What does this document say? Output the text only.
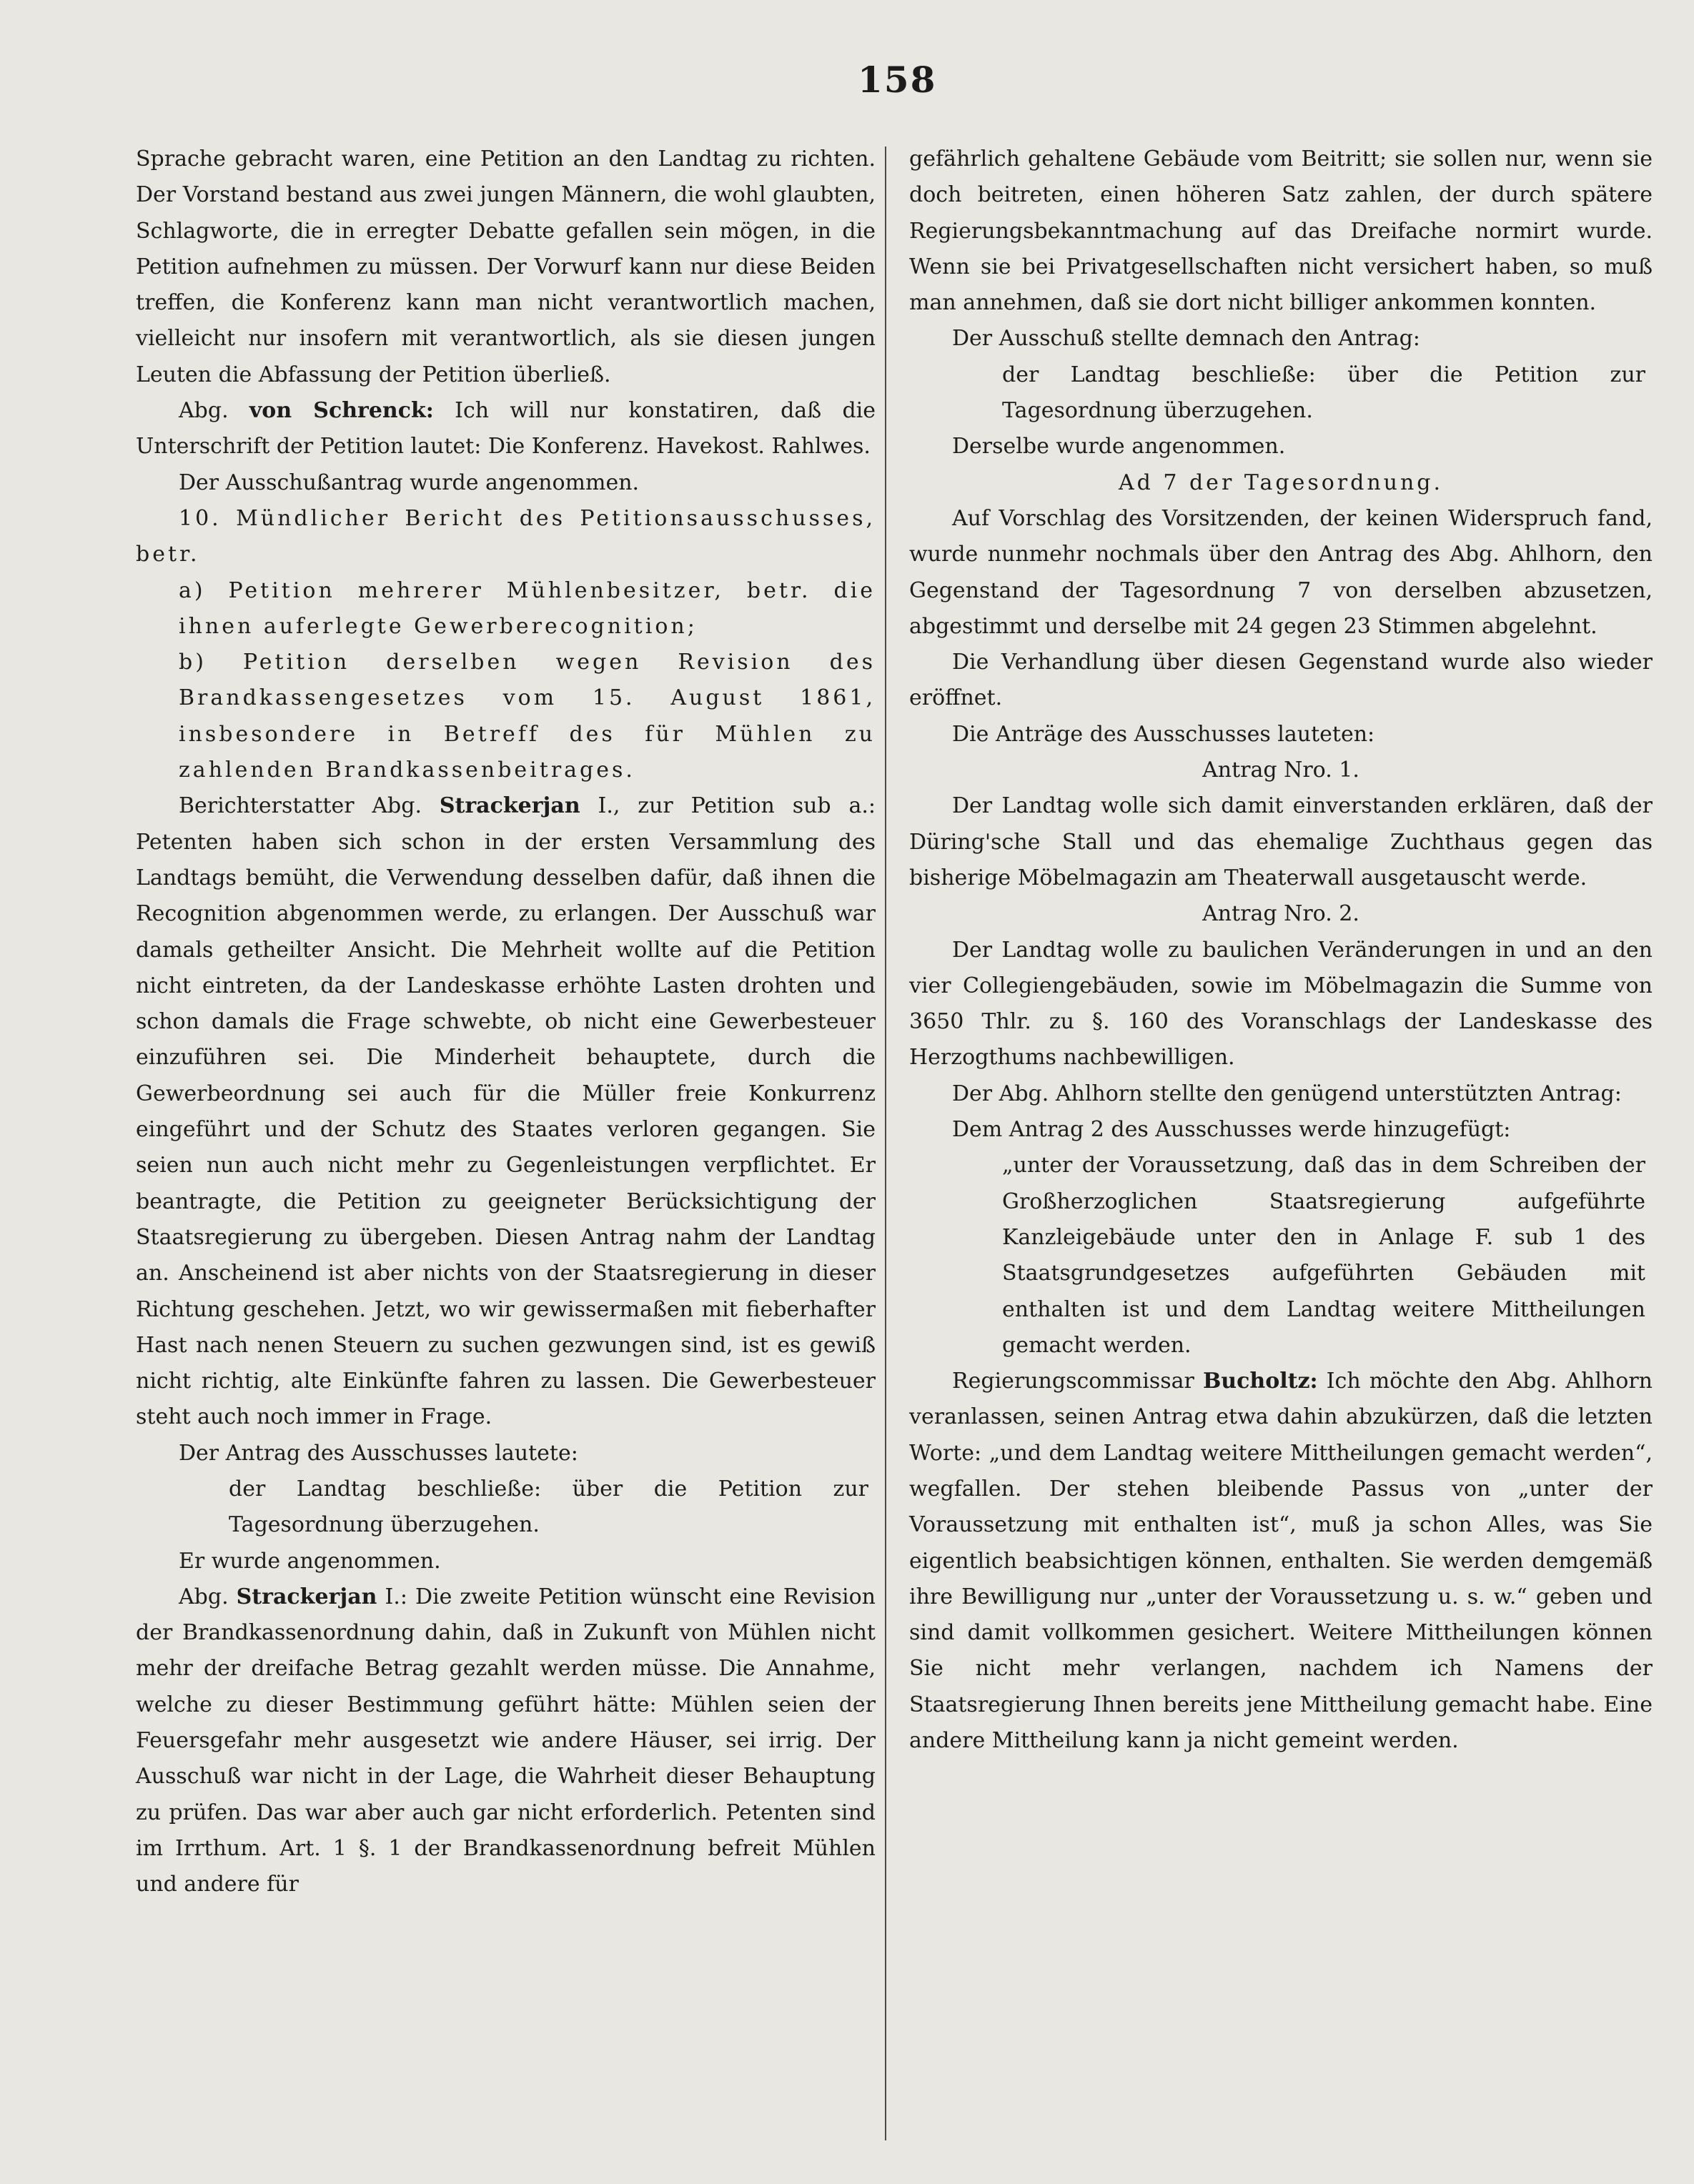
158

Sprache gebracht waren, eine Petition an den Landtag zu richten. Der Vorstand bestand aus zwei jungen Männern, die wohl glaubten, Schlagworte, die in erregter Debatte gefallen sein mögen, in die Petition aufnehmen zu müssen. Der Vorwurf kann nur diese Beiden treffen, die Konferenz kann man nicht verantwortlich machen, vielleicht nur insofern mit verantwortlich, als sie diesen jungen Leuten die Abfassung der Petition überließ.

Abg. von Schrenck: Ich will nur konstatiren, daß die Unterschrift der Petition lautet: Die Konferenz. Havekost. Rahlwes.

Der Ausschußantrag wurde angenommen.

10. Mündlicher Bericht des Petitionsausschusses, betr.

a) Petition mehrerer Mühlenbesitzer, betr. die ihnen auferlegte Gewerberecognition;

b) Petition derselben wegen Revision des Brandkassengesetzes vom 15. August 1861, insbesondere in Betreff des für Mühlen zu zahlenden Brandkassenbeitrages.

Berichterstatter Abg. Strackerjan I., zur Petition sub a.: Petenten haben sich schon in der ersten Versammlung des Landtags bemüht, die Verwendung desselben dafür, daß ihnen die Recognition abgenommen werde, zu erlangen. Der Ausschuß war damals getheilter Ansicht. Die Mehrheit wollte auf die Petition nicht eintreten, da der Landeskasse erhöhte Lasten drohten und schon damals die Frage schwebte, ob nicht eine Gewerbesteuer einzuführen sei. Die Minderheit behauptete, durch die Gewerbeordnung sei auch für die Müller freie Konkurrenz eingeführt und der Schutz des Staates verloren gegangen. Sie seien nun auch nicht mehr zu Gegenleistungen verpflichtet. Er beantragte, die Petition zu geeigneter Berücksichtigung der Staatsregierung zu übergeben. Diesen Antrag nahm der Landtag an. Anscheinend ist aber nichts von der Staatsregierung in dieser Richtung geschehen. Jetzt, wo wir gewissermaßen mit fieberhafter Hast nach nenen Steuern zu suchen gezwungen sind, ist es gewiß nicht richtig, alte Einkünfte fahren zu lassen. Die Gewerbesteuer steht auch noch immer in Frage.

Der Antrag des Ausschusses lautete:

der Landtag beschließe: über die Petition zur Tagesordnung überzugehen.

Er wurde angenommen.

Abg. Strackerjan I.: Die zweite Petition wünscht eine Revision der Brandkassenordnung dahin, daß in Zukunft von Mühlen nicht mehr der dreifache Betrag gezahlt werden müsse. Die Annahme, welche zu dieser Bestimmung geführt hätte: Mühlen seien der Feuersgefahr mehr ausgesetzt wie andere Häuser, sei irrig. Der Ausschuß war nicht in der Lage, die Wahrheit dieser Behauptung zu prüfen. Das war aber auch gar nicht erforderlich. Petenten sind im Irrthum. Art. 1 §. 1 der Brandkassenordnung befreit Mühlen und andere für

gefährlich gehaltene Gebäude vom Beitritt; sie sollen nur, wenn sie doch beitreten, einen höheren Satz zahlen, der durch spätere Regierungsbekanntmachung auf das Dreifache normirt wurde. Wenn sie bei Privatgesellschaften nicht versichert haben, so muß man annehmen, daß sie dort nicht billiger ankommen konnten.

Der Ausschuß stellte demnach den Antrag:

der Landtag beschließe: über die Petition zur Tagesordnung überzugehen.

Derselbe wurde angenommen.

Ad 7 der Tagesordnung.

Auf Vorschlag des Vorsitzenden, der keinen Widerspruch fand, wurde nunmehr nochmals über den Antrag des Abg. Ahlhorn, den Gegenstand der Tagesordnung 7 von derselben abzusetzen, abgestimmt und derselbe mit 24 gegen 23 Stimmen abgelehnt.

Die Verhandlung über diesen Gegenstand wurde also wieder eröffnet.

Die Anträge des Ausschusses lauteten:

Antrag Nro. 1.

Der Landtag wolle sich damit einverstanden erklären, daß der Düring'sche Stall und das ehemalige Zuchthaus gegen das bisherige Möbelmagazin am Theaterwall ausgetauscht werde.

Antrag Nro. 2.

Der Landtag wolle zu baulichen Veränderungen in und an den vier Collegiengebäuden, sowie im Möbelmagazin die Summe von 3650 Thlr. zu §. 160 des Voranschlags der Landeskasse des Herzogthums nachbewilligen.

Der Abg. Ahlhorn stellte den genügend unterstützten Antrag:

Dem Antrag 2 des Ausschusses werde hinzugefügt:

„unter der Voraussetzung, daß das in dem Schreiben der Großherzoglichen Staatsregierung aufgeführte Kanzleigebäude unter den in Anlage F. sub 1 des Staatsgrundgesetzes aufgeführten Gebäuden mit enthalten ist und dem Landtag weitere Mittheilungen gemacht werden.

Regierungscommissar Bucholtz: Ich möchte den Abg. Ahlhorn veranlassen, seinen Antrag etwa dahin abzukürzen, daß die letzten Worte: „und dem Landtag weitere Mittheilungen gemacht werden“, wegfallen. Der stehen bleibende Passus von „unter der Voraussetzung mit enthalten ist“, muß ja schon Alles, was Sie eigentlich beabsichtigen können, enthalten. Sie werden demgemäß ihre Bewilligung nur „unter der Voraussetzung u. s. w.“ geben und sind damit vollkommen gesichert. Weitere Mittheilungen können Sie nicht mehr verlangen, nachdem ich Namens der Staatsregierung Ihnen bereits jene Mittheilung gemacht habe. Eine andere Mittheilung kann ja nicht gemeint werden.
